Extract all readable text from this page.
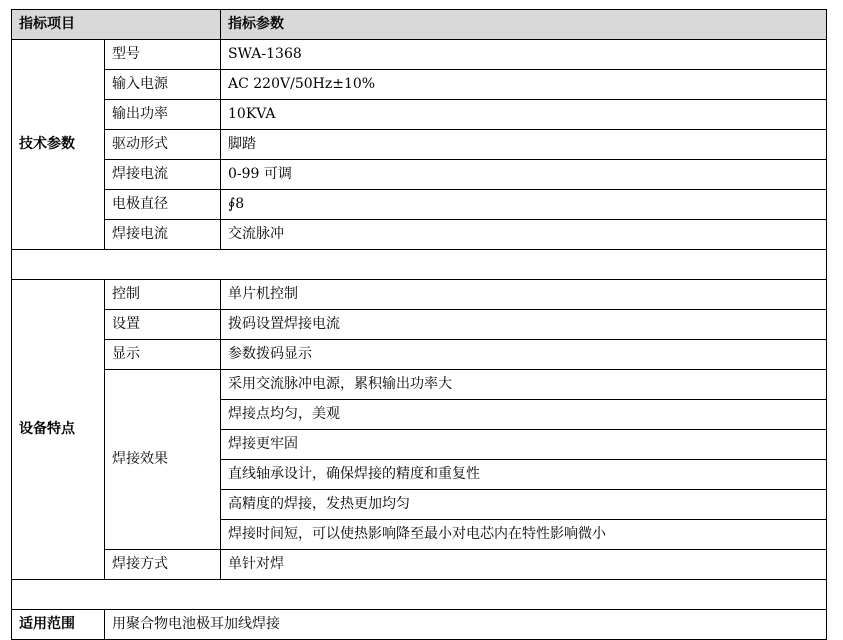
指标项目		指标参数
技术参数	型号	SWA-1368
	输入电源	AC 220V/50Hz±10%
	输出功率	10KVA
	驱动形式	脚踏
	焊接电流	0-99 可调
	电极直径	∮8
	焊接电流	交流脉冲

设备特点	控制	单片机控制
	设置	拨码设置焊接电流
	显示	参数拨码显示
	焊接效果	采用交流脉冲电源，累积输出功率大
		焊接点均匀，美观
		焊接更牢固
		直线轴承设计，确保焊接的精度和重复性
		高精度的焊接，发热更加均匀
		焊接时间短，可以使热影响降至最小对电芯内在特性影响微小
	焊接方式	单针对焊

适用范围	用聚合物电池极耳加线焊接	
